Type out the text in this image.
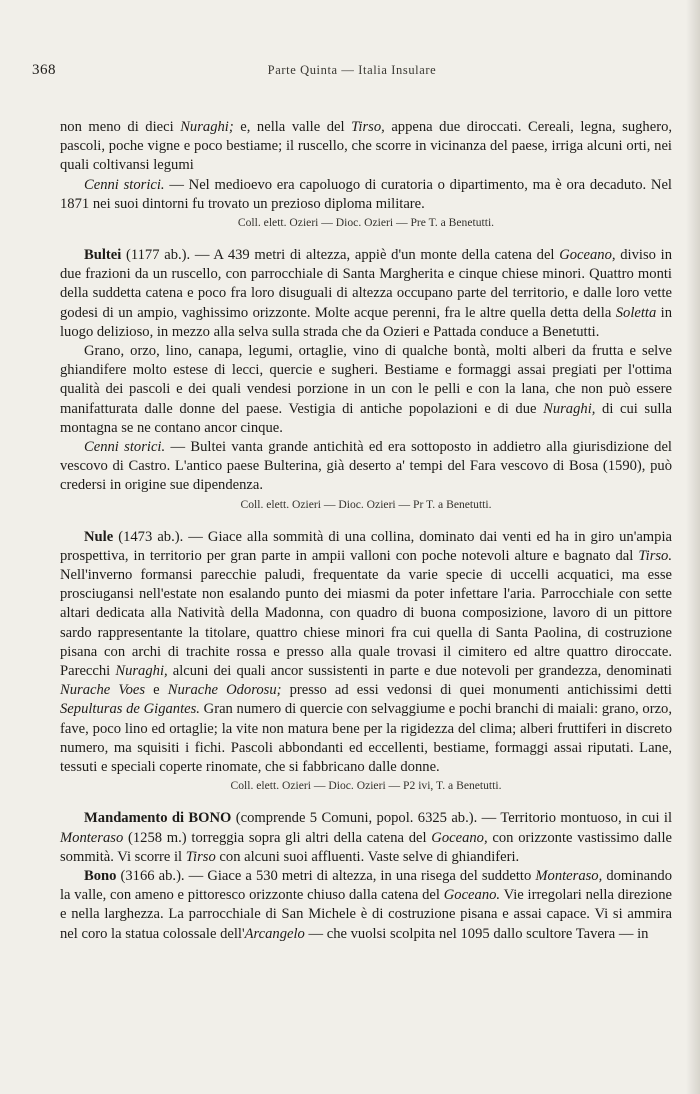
368	Parte Quinta — Italia Insulare

non meno di dieci Nuraghi; e, nella valle del Tirso, appena due diroccati. Cereali, legna, sughero, pascoli, poche vigne e poco bestiame; il ruscello, che scorre in vicinanza del paese, irriga alcuni orti, nei quali coltivansi legumi

Cenni storici. — Nel medioevo era capoluogo di curatoria o dipartimento, ma è ora decaduto. Nel 1871 nei suoi dintorni fu trovato un prezioso diploma militare.

Coll. elett. Ozieri — Dioc. Ozieri — Pre T. a Benetutti.

Bultei (1177 ab.). — A 439 metri di altezza, appiè d'un monte della catena del Goceano, diviso in due frazioni da un ruscello, con parrocchiale di Santa Margherita e cinque chiese minori. Quattro monti della suddetta catena e poco fra loro disuguali di altezza occupano parte del territorio, e dalle loro vette godesi di un ampio, vaghissimo orizzonte. Molte acque perenni, fra le altre quella detta della Soletta in luogo delizioso, in mezzo alla selva sulla strada che da Ozieri e Pattada conduce a Benetutti.

Grano, orzo, lino, canapa, legumi, ortaglie, vino di qualche bontà, molti alberi da frutta e selve ghiandifere molto estese di lecci, quercie e sugheri. Bestiame e formaggi assai pregiati per l'ottima qualità dei pascoli e dei quali vendesi porzione in un con le pelli e con la lana, che non può essere manifatturata dalle donne del paese. Vestigia di antiche popolazioni e di due Nuraghi, di cui sulla montagna se ne contano ancor cinque.

Cenni storici. — Bultei vanta grande antichità ed era sottoposto in addietro alla giurisdizione del vescovo di Castro. L'antico paese Bulterina, già deserto a' tempi del Fara vescovo di Bosa (1590), può credersi in origine sue dipendenza.

Coll. elett. Ozieri — Dioc. Ozieri — Pr T. a Benetutti.

Nule (1473 ab.). — Giace alla sommità di una collina, dominato dai venti ed ha in giro un'ampia prospettiva, in territorio per gran parte in ampii valloni con poche notevoli alture e bagnato dal Tirso. Nell'inverno formansi parecchie paludi, frequentate da varie specie di uccelli acquatici, ma esse prosciugansi nell'estate non esalando punto dei miasmi da poter infettare l'aria. Parrocchiale con sette altari dedicata alla Natività della Madonna, con quadro di buona composizione, lavoro di un pittore sardo rappresentante la titolare, quattro chiese minori fra cui quella di Santa Paolina, di costruzione pisana con archi di trachite rossa e presso alla quale trovasi il cimitero ed altre quattro diroccate. Parecchi Nuraghi, alcuni dei quali ancor sussistenti in parte e due notevoli per grandezza, denominati Nurache Voes e Nurache Odorosu; presso ad essi vedonsi di quei monumenti antichissimi detti Sepulturas de Gigantes. Gran numero di quercie con selvaggiume e pochi branchi di maiali: grano, orzo, fave, poco lino ed ortaglie; la vite non matura bene per la rigidezza del clima; alberi fruttiferi in discreto numero, ma squisiti i fichi. Pascoli abbondanti ed eccellenti, bestiame, formaggi assai riputati. Lane, tessuti e speciali coperte rinomate, che si fabbricano dalle donne.

Coll. elett. Ozieri — Dioc. Ozieri — P2 ivi, T. a Benetutti.

Mandamento di BONO (comprende 5 Comuni, popol. 6325 ab.). — Territorio montuoso, in cui il Monteraso (1258 m.) torreggia sopra gli altri della catena del Goceano, con orizzonte vastissimo dalle sommità. Vi scorre il Tirso con alcuni suoi affluenti. Vaste selve di ghiandiferi.

Bono (3166 ab.). — Giace a 530 metri di altezza, in una risega del suddetto Monteraso, dominando la valle, con ameno e pittoresco orizzonte chiuso dalla catena del Goceano. Vie irregolari nella direzione e nella larghezza. La parrocchiale di San Michele è di costruzione pisana e assai capace. Vi si ammira nel coro la statua colossale dell'Arcangelo — che vuolsi scolpita nel 1095 dallo scultore Tavera — in
